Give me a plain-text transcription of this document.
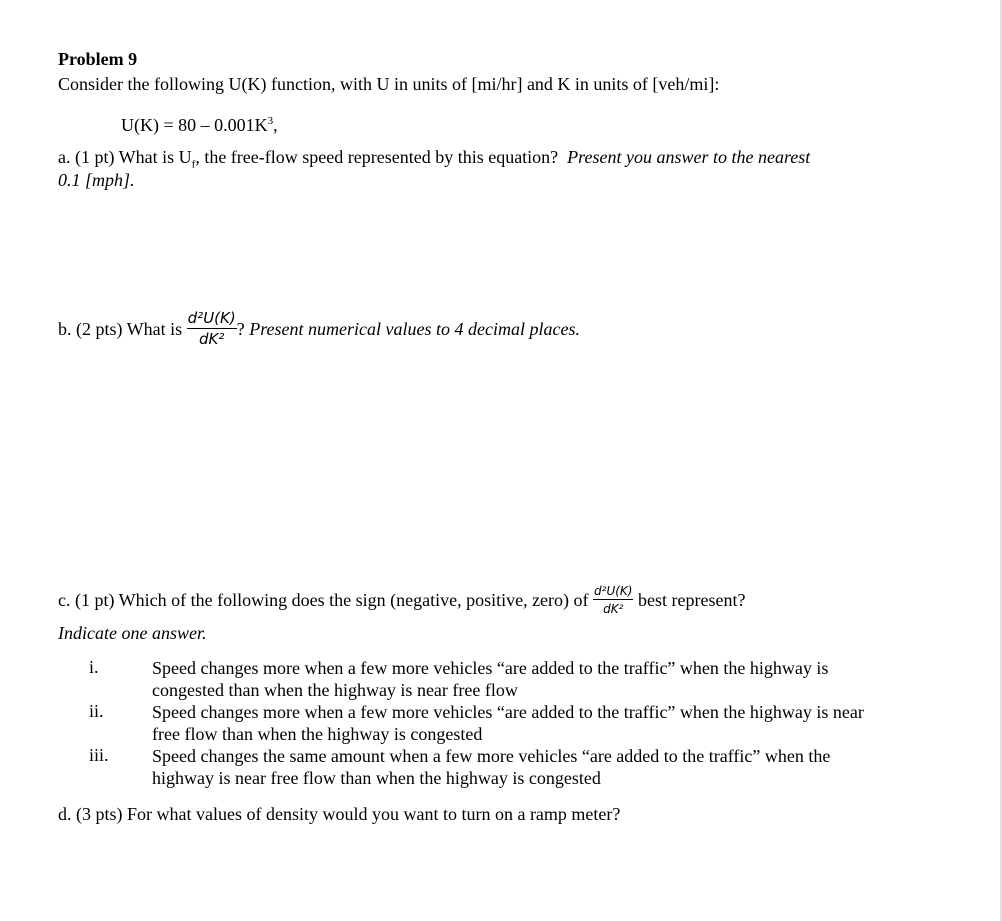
Problem 9
Consider the following U(K) function, with U in units of [mi/hr] and K in units of [veh/mi]:
$U(K) = 80 - 0.001K^3$,
a. (1 pt) What is $U_f$, the free-flow speed represented by this equation? Present you answer to the nearest
0.1 [mph].
b. (2 pts) What is $\frac{\text{d²U(K)}}{\text{dK²}}$ ? Present numerical values to 4 decimal places.
c. (1 pt) Which of the following does the sign (negative, positive, zero) of $\frac{\text{d²U(K)}}{\text{dK²}}$ best represent?
Indicate one answer.
i.	Speed changes more when a few more vehicles “are added to the traffic” when the highway is congested than when the highway is near free flow
ii.	Speed changes more when a few more vehicles “are added to the traffic” when the highway is near free flow than when the highway is congested
iii. Speed changes the same amount when a few more vehicles “are added to the traffic” when the highway is near free flow than when the highway is congested
d. (3 pts) For what values of density would you want to turn on a ramp meter?
